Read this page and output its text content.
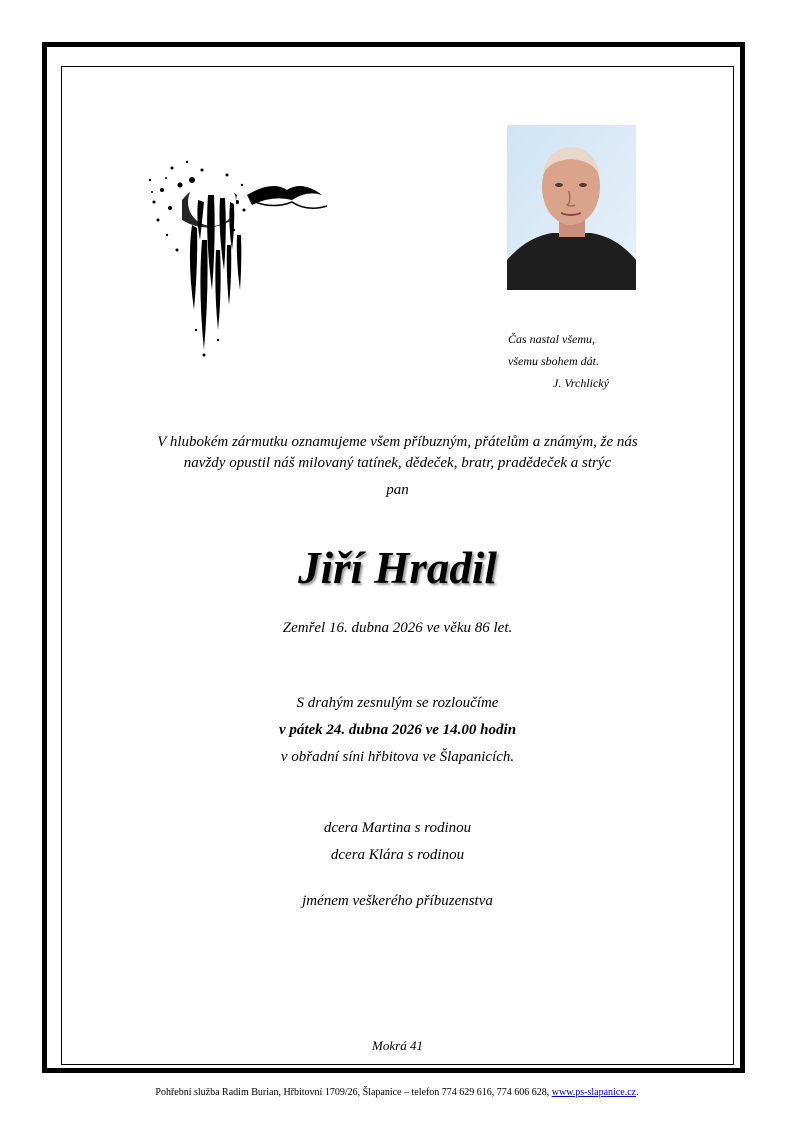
Čas nastal všemu,
všemu sbohem dát.
J. Vrchlický
V hlubokém zármutku oznamujeme všem příbuzným, přátelům a známým, že nás
navždy opustil náš milovaný tatínek, dědeček, bratr, pradědeček a strýc
pan
Jiří Hradil
Zemřel 16. dubna 2026 ve věku 86 let.
S drahým zesnulým se rozloučíme
v pátek 24. dubna 2026 ve 14.00 hodin
v obřadní síni hřbitova ve Šlapanicích.
dcera Martina s rodinou
dcera Klára s rodinou
jménem veškerého příbuzenstva
Mokrá 41
Pohřební služba Radim Burian, Hřbitovní 1709/26, Šlapanice – telefon 774 629 616, 774 606 628, www.ps-slapanice.cz.
